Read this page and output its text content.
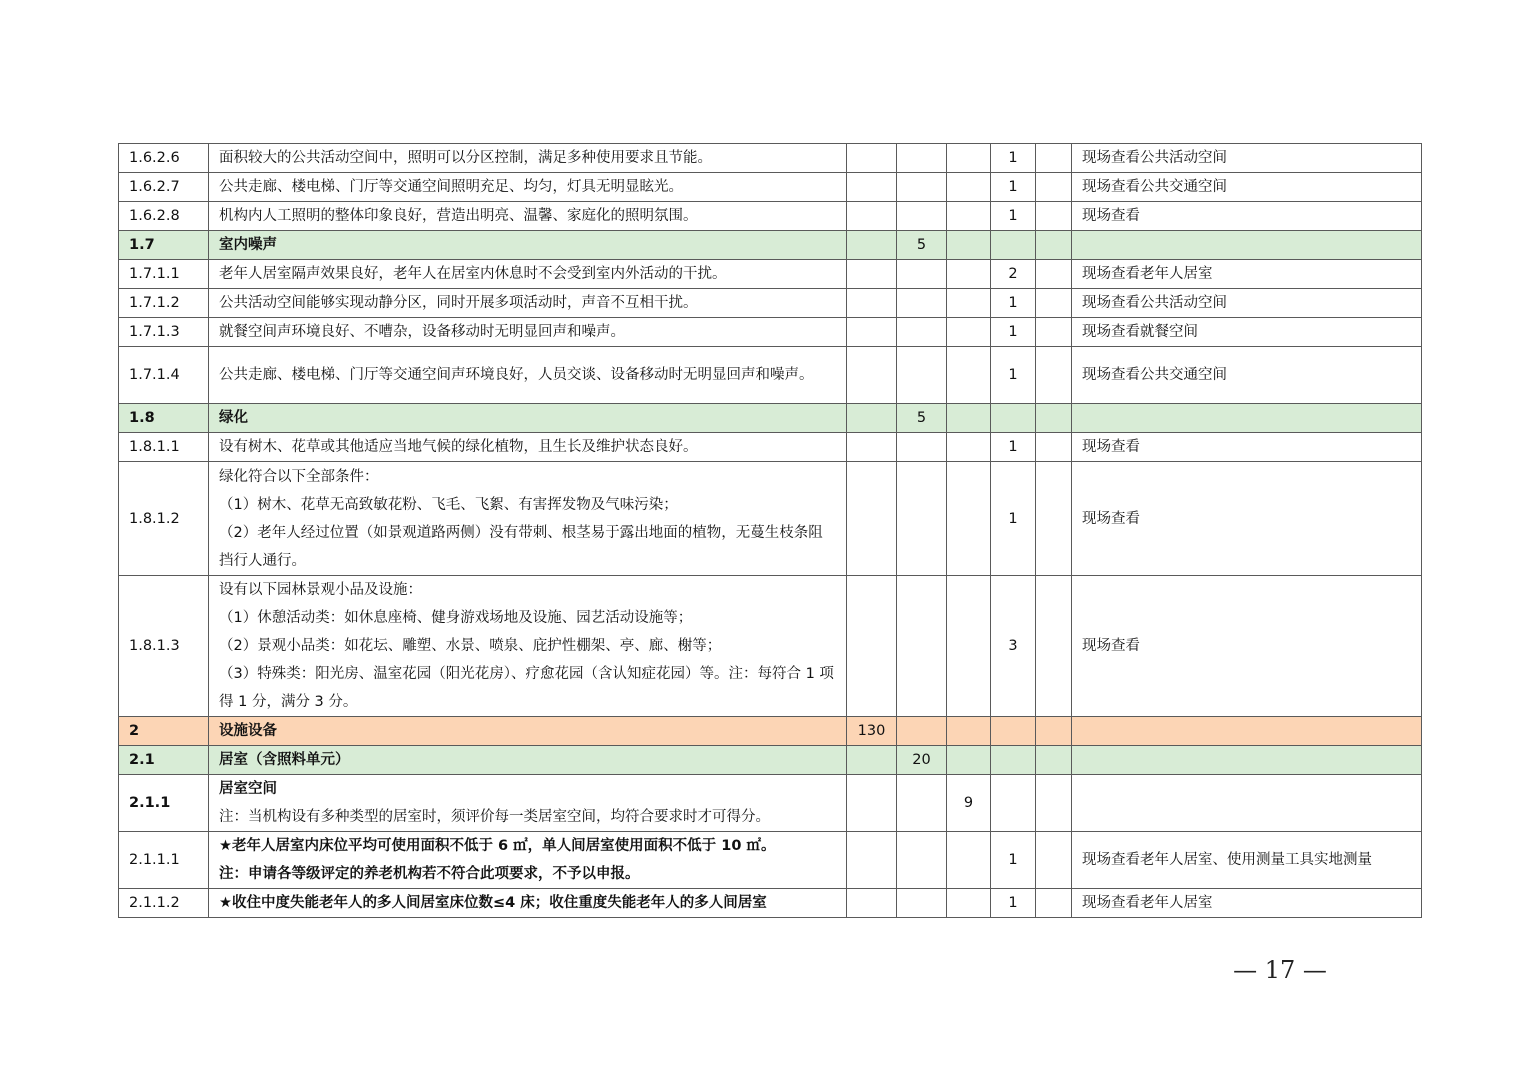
1.6.2.6	面积较大的公共活动空间中，照明可以分区控制，满足多种使用要求且节能。				1		现场查看公共活动空间
1.6.2.7	公共走廊、楼电梯、门厅等交通空间照明充足、均匀，灯具无明显眩光。				1		现场查看公共交通空间
1.6.2.8	机构内人工照明的整体印象良好，营造出明亮、温馨、家庭化的照明氛围。				1		现场查看
1.7	室内噪声		5				
1.7.1.1	老年人居室隔声效果良好，老年人在居室内休息时不会受到室内外活动的干扰。				2		现场查看老年人居室
1.7.1.2	公共活动空间能够实现动静分区，同时开展多项活动时，声音不互相干扰。				1		现场查看公共活动空间
1.7.1.3	就餐空间声环境良好、不嘈杂，设备移动时无明显回声和噪声。				1		现场查看就餐空间
1.7.1.4	公共走廊、楼电梯、门厅等交通空间声环境良好，人员交谈、设备移动时无明显回声和噪声。				1		现场查看公共交通空间
1.8	绿化		5				
1.8.1.1	设有树木、花草或其他适应当地气候的绿化植物，且生长及维护状态良好。				1		现场查看
1.8.1.2	绿化符合以下全部条件：
（1）树木、花草无高致敏花粉、飞毛、飞絮、有害挥发物及气味污染；
（2）老年人经过位置（如景观道路两侧）没有带刺、根茎易于露出地面的植物，无蔓生枝条阻挡行人通行。				1		现场查看
1.8.1.3	设有以下园林景观小品及设施：
（1）休憩活动类：如休息座椅、健身游戏场地及设施、园艺活动设施等；
（2）景观小品类：如花坛、雕塑、水景、喷泉、庇护性棚架、亭、廊、榭等；
（3）特殊类：阳光房、温室花园（阳光花房）、疗愈花园（含认知症花园）等。注：每符合 1 项得 1 分，满分 3 分。				3		现场查看
2	设施设备	130					
2.1	居室（含照料单元）		20				
2.1.1	居室空间
注：当机构设有多种类型的居室时，须评价每一类居室空间，均符合要求时才可得分。			9			
2.1.1.1	★老年人居室内床位平均可使用面积不低于 6 ㎡，单人间居室使用面积不低于 10 ㎡。
注：申请各等级评定的养老机构若不符合此项要求，不予以申报。				1		现场查看老年人居室、使用测量工具实地测量
2.1.1.2	★收住中度失能老年人的多人间居室床位数≤4 床；收住重度失能老年人的多人间居室				1		现场查看老年人居室
— 17 —
